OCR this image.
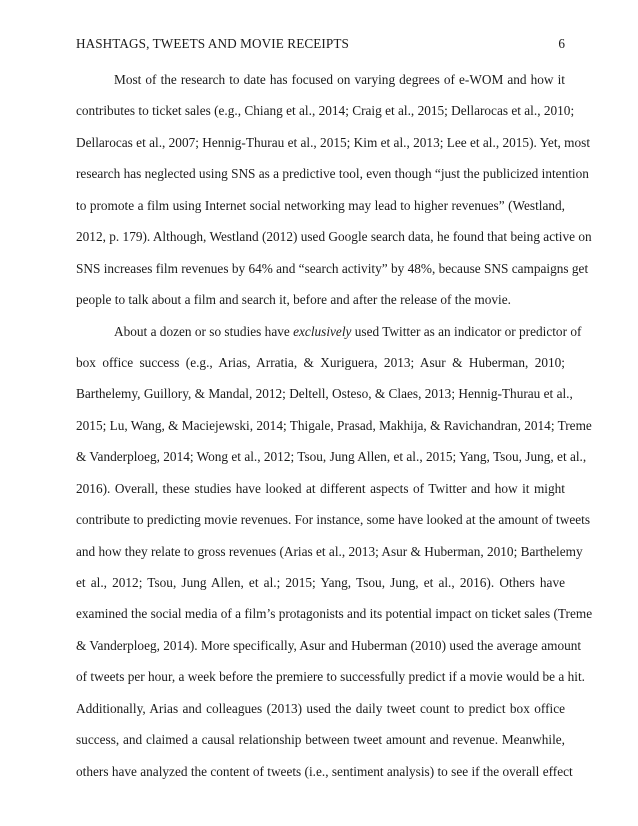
HASHTAGS, TWEETS AND MOVIE RECEIPTS	6
Most of the research to date has focused on varying degrees of e-WOM and how it
contributes to ticket sales (e.g., Chiang et al., 2014; Craig et al., 2015; Dellarocas et al., 2010;
Dellarocas et al., 2007; Hennig-Thurau et al., 2015; Kim et al., 2013; Lee et al., 2015). Yet, most
research has neglected using SNS as a predictive tool, even though “just the publicized intention
to promote a film using Internet social networking may lead to higher revenues” (Westland,
2012, p. 179). Although, Westland (2012) used Google search data, he found that being active on
SNS increases film revenues by 64% and “search activity” by 48%, because SNS campaigns get
people to talk about a film and search it, before and after the release of the movie.
About a dozen or so studies have exclusively used Twitter as an indicator or predictor of
box office success (e.g., Arias, Arratia, & Xuriguera, 2013; Asur & Huberman, 2010;
Barthelemy, Guillory, & Mandal, 2012; Deltell, Osteso, & Claes, 2013; Hennig-Thurau et al.,
2015; Lu, Wang, & Maciejewski, 2014; Thigale, Prasad, Makhija, & Ravichandran, 2014; Treme
& Vanderploeg, 2014; Wong et al., 2012; Tsou, Jung Allen, et al., 2015; Yang, Tsou, Jung, et al.,
2016). Overall, these studies have looked at different aspects of Twitter and how it might
contribute to predicting movie revenues. For instance, some have looked at the amount of tweets
and how they relate to gross revenues (Arias et al., 2013; Asur & Huberman, 2010; Barthelemy
et al., 2012; Tsou, Jung Allen, et al.; 2015; Yang, Tsou, Jung, et al., 2016). Others have
examined the social media of a film’s protagonists and its potential impact on ticket sales (Treme
& Vanderploeg, 2014). More specifically, Asur and Huberman (2010) used the average amount
of tweets per hour, a week before the premiere to successfully predict if a movie would be a hit.
Additionally, Arias and colleagues (2013) used the daily tweet count to predict box office
success, and claimed a causal relationship between tweet amount and revenue. Meanwhile,
others have analyzed the content of tweets (i.e., sentiment analysis) to see if the overall effect
